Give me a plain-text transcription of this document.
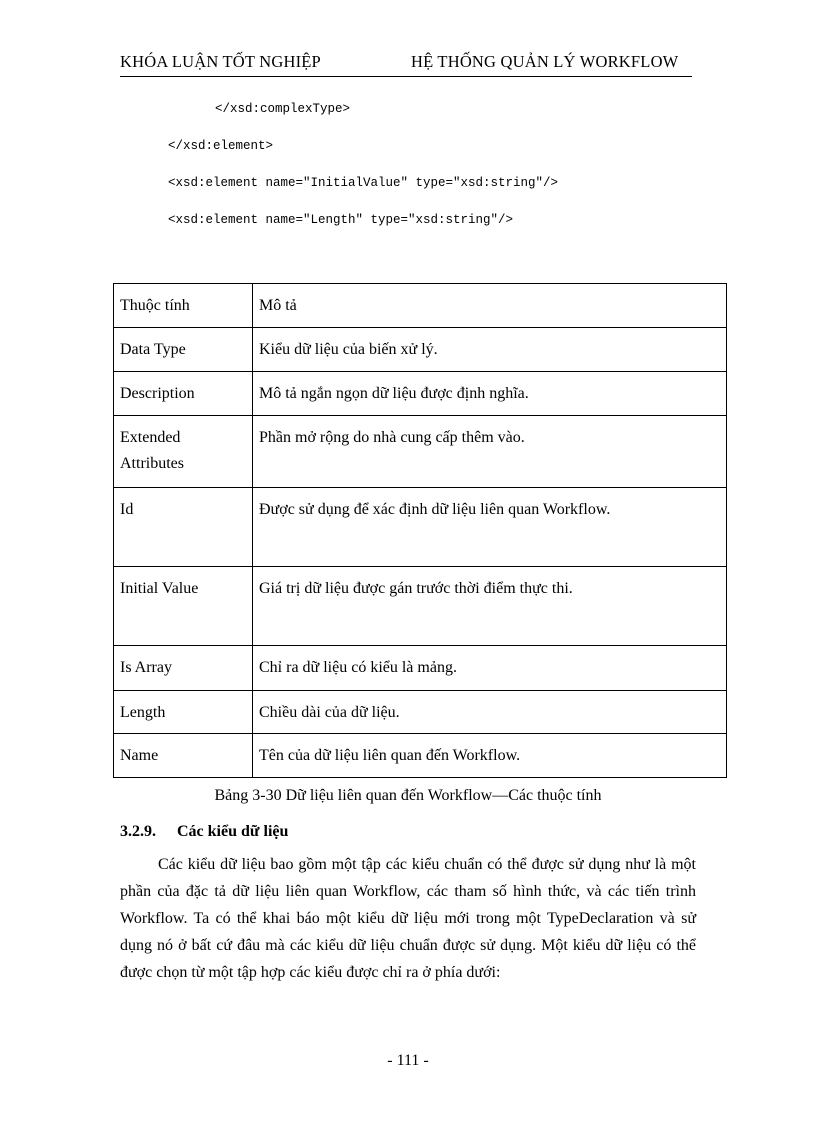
KHÓA LUẬN TỐT NGHIỆP	HỆ THỐNG QUẢN LÝ WORKFLOW
</xsd:complexType>
</xsd:element>
<xsd:element name="InitialValue" type="xsd:string"/>
<xsd:element name="Length" type="xsd:string"/>
Thuộc tính	Mô tả
Data Type	Kiểu dữ liệu của biến xử lý.
Description	Mô tả ngắn ngọn dữ liệu được định nghĩa.
Extended Attributes	Phần mở rộng do nhà cung cấp thêm vào.
Id	Được sử dụng để xác định dữ liệu liên quan Workflow.
Initial Value	Giá trị dữ liệu được gán trước thời điểm thực thi.
Is Array	Chỉ ra dữ liệu có kiểu là mảng.
Length	Chiều dài của dữ liệu.
Name	Tên của dữ liệu liên quan đến Workflow.
Bảng 3-30 Dữ liệu liên quan đến Workflow—Các thuộc tính
3.2.9. Các kiểu dữ liệu
Các kiểu dữ liệu bao gồm một tập các kiểu chuẩn có thể được sử dụng như là một phần của đặc tả dữ liệu liên quan Workflow, các tham số hình thức, và các tiến trình Workflow. Ta có thể khai báo một kiểu dữ liệu mới trong một TypeDeclaration và sử dụng nó ở bất cứ đâu mà các kiểu dữ liệu chuẩn được sử dụng. Một kiểu dữ liệu có thể được chọn từ một tập hợp các kiểu được chỉ ra ở phía dưới:
- 111 -
